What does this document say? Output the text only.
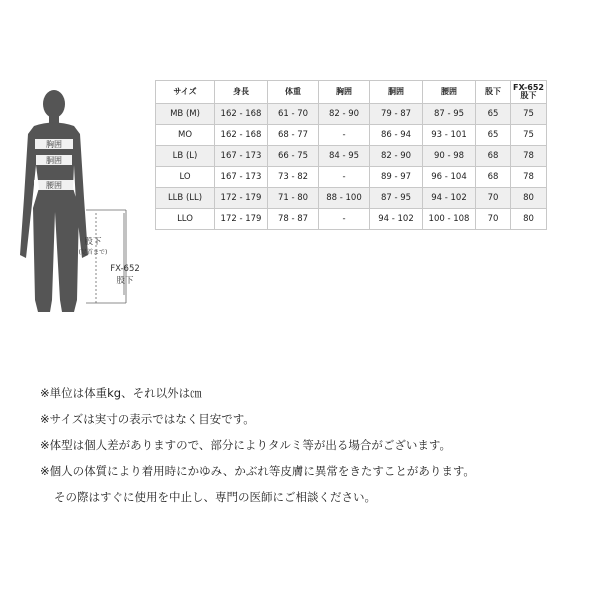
胸囲
胴囲
腰囲
股下
(足首まで)
FX-652
股下
サイズ	身長	体重	胸囲	胴囲	腰囲	股下	FX-652
股下
MB (M)	162 - 168	61 - 70	82 - 90	79 - 87	87 - 95	65	75
MO	162 - 168	68 - 77	-	86 - 94	93 - 101	65	75
LB (L)	167 - 173	66 - 75	84 - 95	82 - 90	90 - 98	68	78
LO	167 - 173	73 - 82	-	89 - 97	96 - 104	68	78
LLB (LL)	172 - 179	71 - 80	88 - 100	87 - 95	94 - 102	70	80
LLO	172 - 179	78 - 87	-	94 - 102	100 - 108	70	80

※単位は体重kg、それ以外は㎝

※サイズは実寸の表示ではなく目安です。

※体型は個人差がありますので、部分によりタルミ等が出る場合がございます。

※個人の体質により着用時にかゆみ、かぶれ等皮膚に異常をきたすことがあります。

その際はすぐに使用を中止し、専門の医師にご相談ください。
